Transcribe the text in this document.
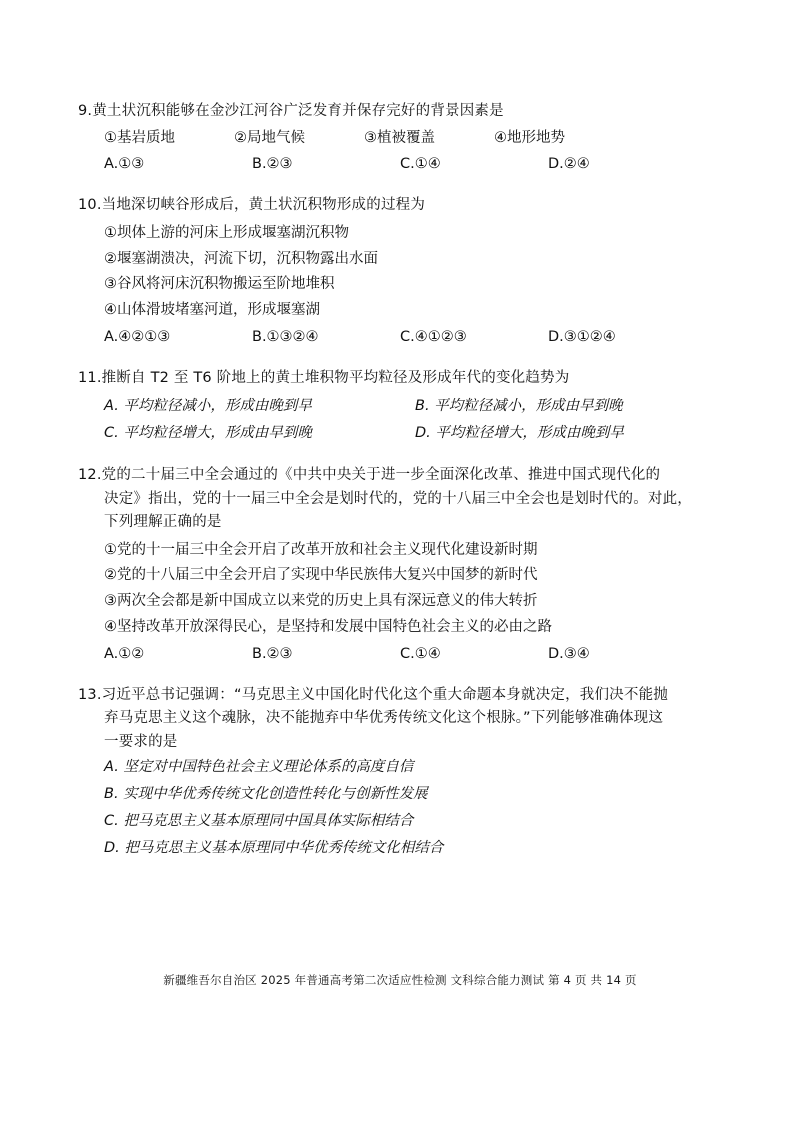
9.黄土状沉积能够在金沙江河谷广泛发育并保存完好的背景因素是
①基岩质地	②局地气候	③植被覆盖	④地形地势
A.①③	B.②③	C.①④	D.②④
10.当地深切峡谷形成后，黄土状沉积物形成的过程为
①坝体上游的河床上形成堰塞湖沉积物
②堰塞湖溃决，河流下切，沉积物露出水面
③谷风将河床沉积物搬运至阶地堆积
④山体滑坡堵塞河道，形成堰塞湖
A.④②①③	B.①③②④	C.④①②③	D.③①②④
11.推断自 T2 至 T6 阶地上的黄土堆积物平均粒径及形成年代的变化趋势为
A. 平均粒径减小，形成由晚到早	B. 平均粒径减小，形成由早到晚
C. 平均粒径增大，形成由早到晚	D. 平均粒径增大，形成由晚到早
12.党的二十届三中全会通过的《中共中央关于进一步全面深化改革、推进中国式现代化的
决定》指出，党的十一届三中全会是划时代的，党的十八届三中全会也是划时代的。对此，
下列理解正确的是
①党的十一届三中全会开启了改革开放和社会主义现代化建设新时期
②党的十八届三中全会开启了实现中华民族伟大复兴中国梦的新时代
③两次全会都是新中国成立以来党的历史上具有深远意义的伟大转折
④坚持改革开放深得民心，是坚持和发展中国特色社会主义的必由之路
A.①②	B.②③	C.①④	D.③④
13.习近平总书记强调：“马克思主义中国化时代化这个重大命题本身就决定，我们决不能抛
弃马克思主义这个魂脉，决不能抛弃中华优秀传统文化这个根脉。”下列能够准确体现这
一要求的是
A. 坚定对中国特色社会主义理论体系的高度自信
B. 实现中华优秀传统文化创造性转化与创新性发展
C. 把马克思主义基本原理同中国具体实际相结合
D. 把马克思主义基本原理同中华优秀传统文化相结合
新疆维吾尔自治区 2025 年普通高考第二次适应性检测 文科综合能力测试 第 4 页 共 14 页
